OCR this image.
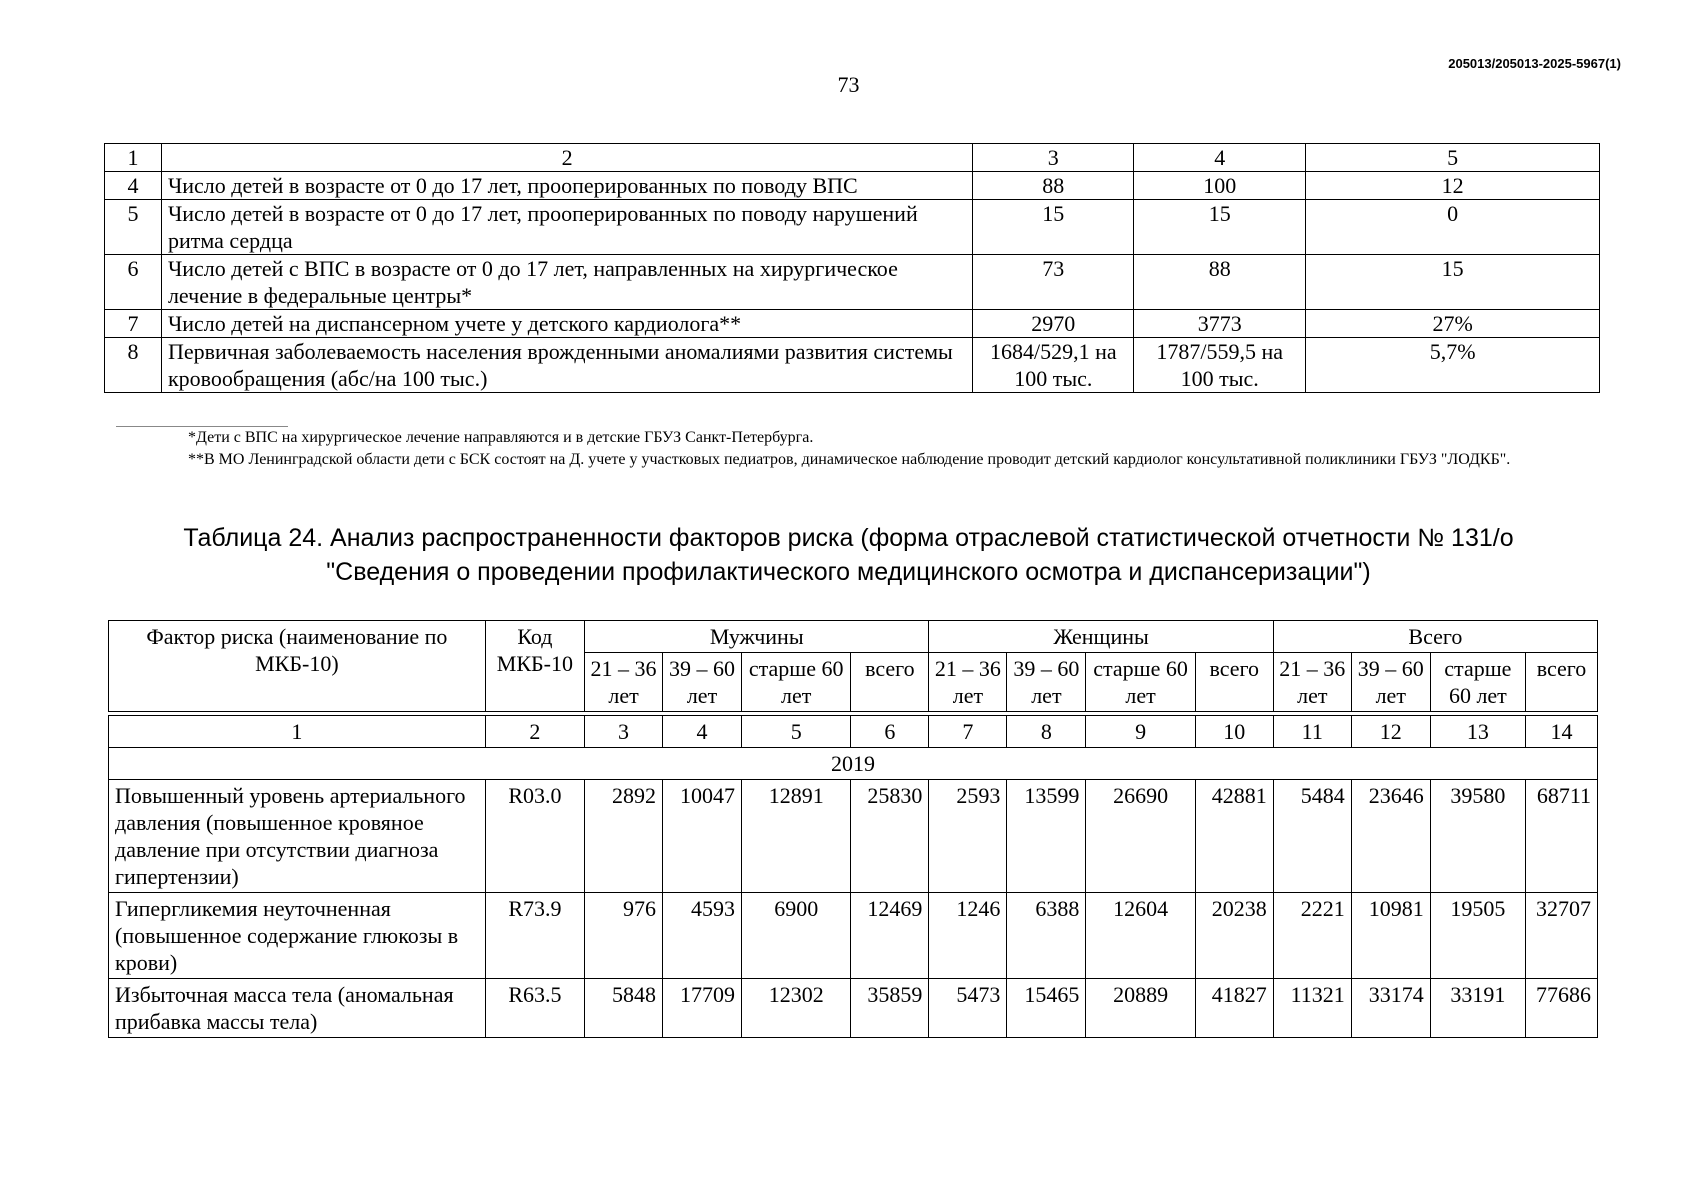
205013/205013-2025-5967(1)
73
1	2	3	4	5
4	Число детей в возрасте от 0 до 17 лет, прооперированных по поводу ВПС	88	100	12
5	Число детей в возрасте от 0 до 17 лет, прооперированных по поводу нарушений ритма сердца	15	15	0
6	Число детей с ВПС в возрасте от 0 до 17 лет, направленных на хирургическое лечение в федеральные центры*	73	88	15
7	Число детей на диспансерном учете у детского кардиолога**	2970	3773	27%
8	Первичная заболеваемость населения врожденными аномалиями развития системы кровообращения (абс/на 100 тыс.)	1684/529,1 на 100 тыс.	1787/559,5 на 100 тыс.	5,7%

*Дети с ВПС на хирургическое лечение направляются и в детские ГБУЗ Санкт-Петербурга.

**В МО Ленинградской области дети с БСК состоят на Д. учете у участковых педиатров, динамическое наблюдение проводит детский кардиолог консультативной поликлиники ГБУЗ "ЛОДКБ".

Таблица 24. Анализ распространенности факторов риска (форма отраслевой статистической отчетности № 131/о
"Сведения о проведении профилактического медицинского осмотра и диспансеризации")
Фактор риска (наименование по МКБ-10)	Код МКБ-10	Мужчины				Женщины				Всего			
		21 – 36 лет	39 – 60 лет	старше 60 лет	всего	21 – 36 лет	39 – 60 лет	старше 60 лет	всего	21 – 36 лет	39 – 60 лет	старше 60 лет	всего

1	2	3	4	5	6	7	8	9	10	11	12	13	14
2019													
Повышенный уровень артериального давления (повышенное кровяное давление при отсутствии диагноза гипертензии)	R03.0	2892	10047	12891	25830	2593	13599	26690	42881	5484	23646	39580	68711
Гипергликемия неуточненная (повышенное содержание глюкозы в крови)	R73.9	976	4593	6900	12469	1246	6388	12604	20238	2221	10981	19505	32707
Избыточная масса тела (аномальная прибавка массы тела)	R63.5	5848	17709	12302	35859	5473	15465	20889	41827	11321	33174	33191	77686
